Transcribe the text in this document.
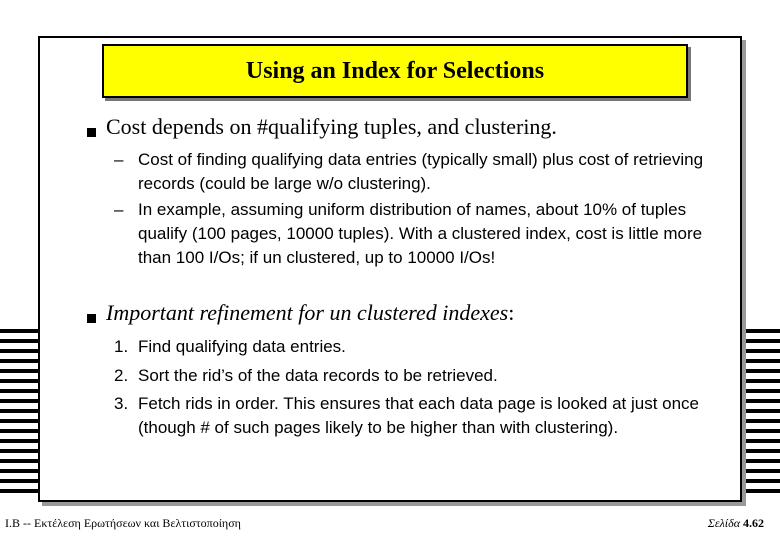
Using an Index for Selections
Cost depends on #qualifying tuples, and clustering.
– Cost of finding qualifying data entries (typically small) plus cost of retrieving records (could be large w/o clustering).
– In example, assuming uniform distribution of names, about 10% of tuples qualify (100 pages, 10000 tuples). With a clustered index, cost is little more than 100 I/Os; if un clustered, up to 10000 I/Os!
Important refinement for un clustered indexes:
1. Find qualifying data entries.
2. Sort the rid’s of the data records to be retrieved.
3. Fetch rids in order. This ensures that each data page is looked at just once (though # of such pages likely to be higher than with clustering).
I.B -- Εκτέλεση Ερωτήσεων και Βελτιστοποίηση	Σελίδα 4.62
